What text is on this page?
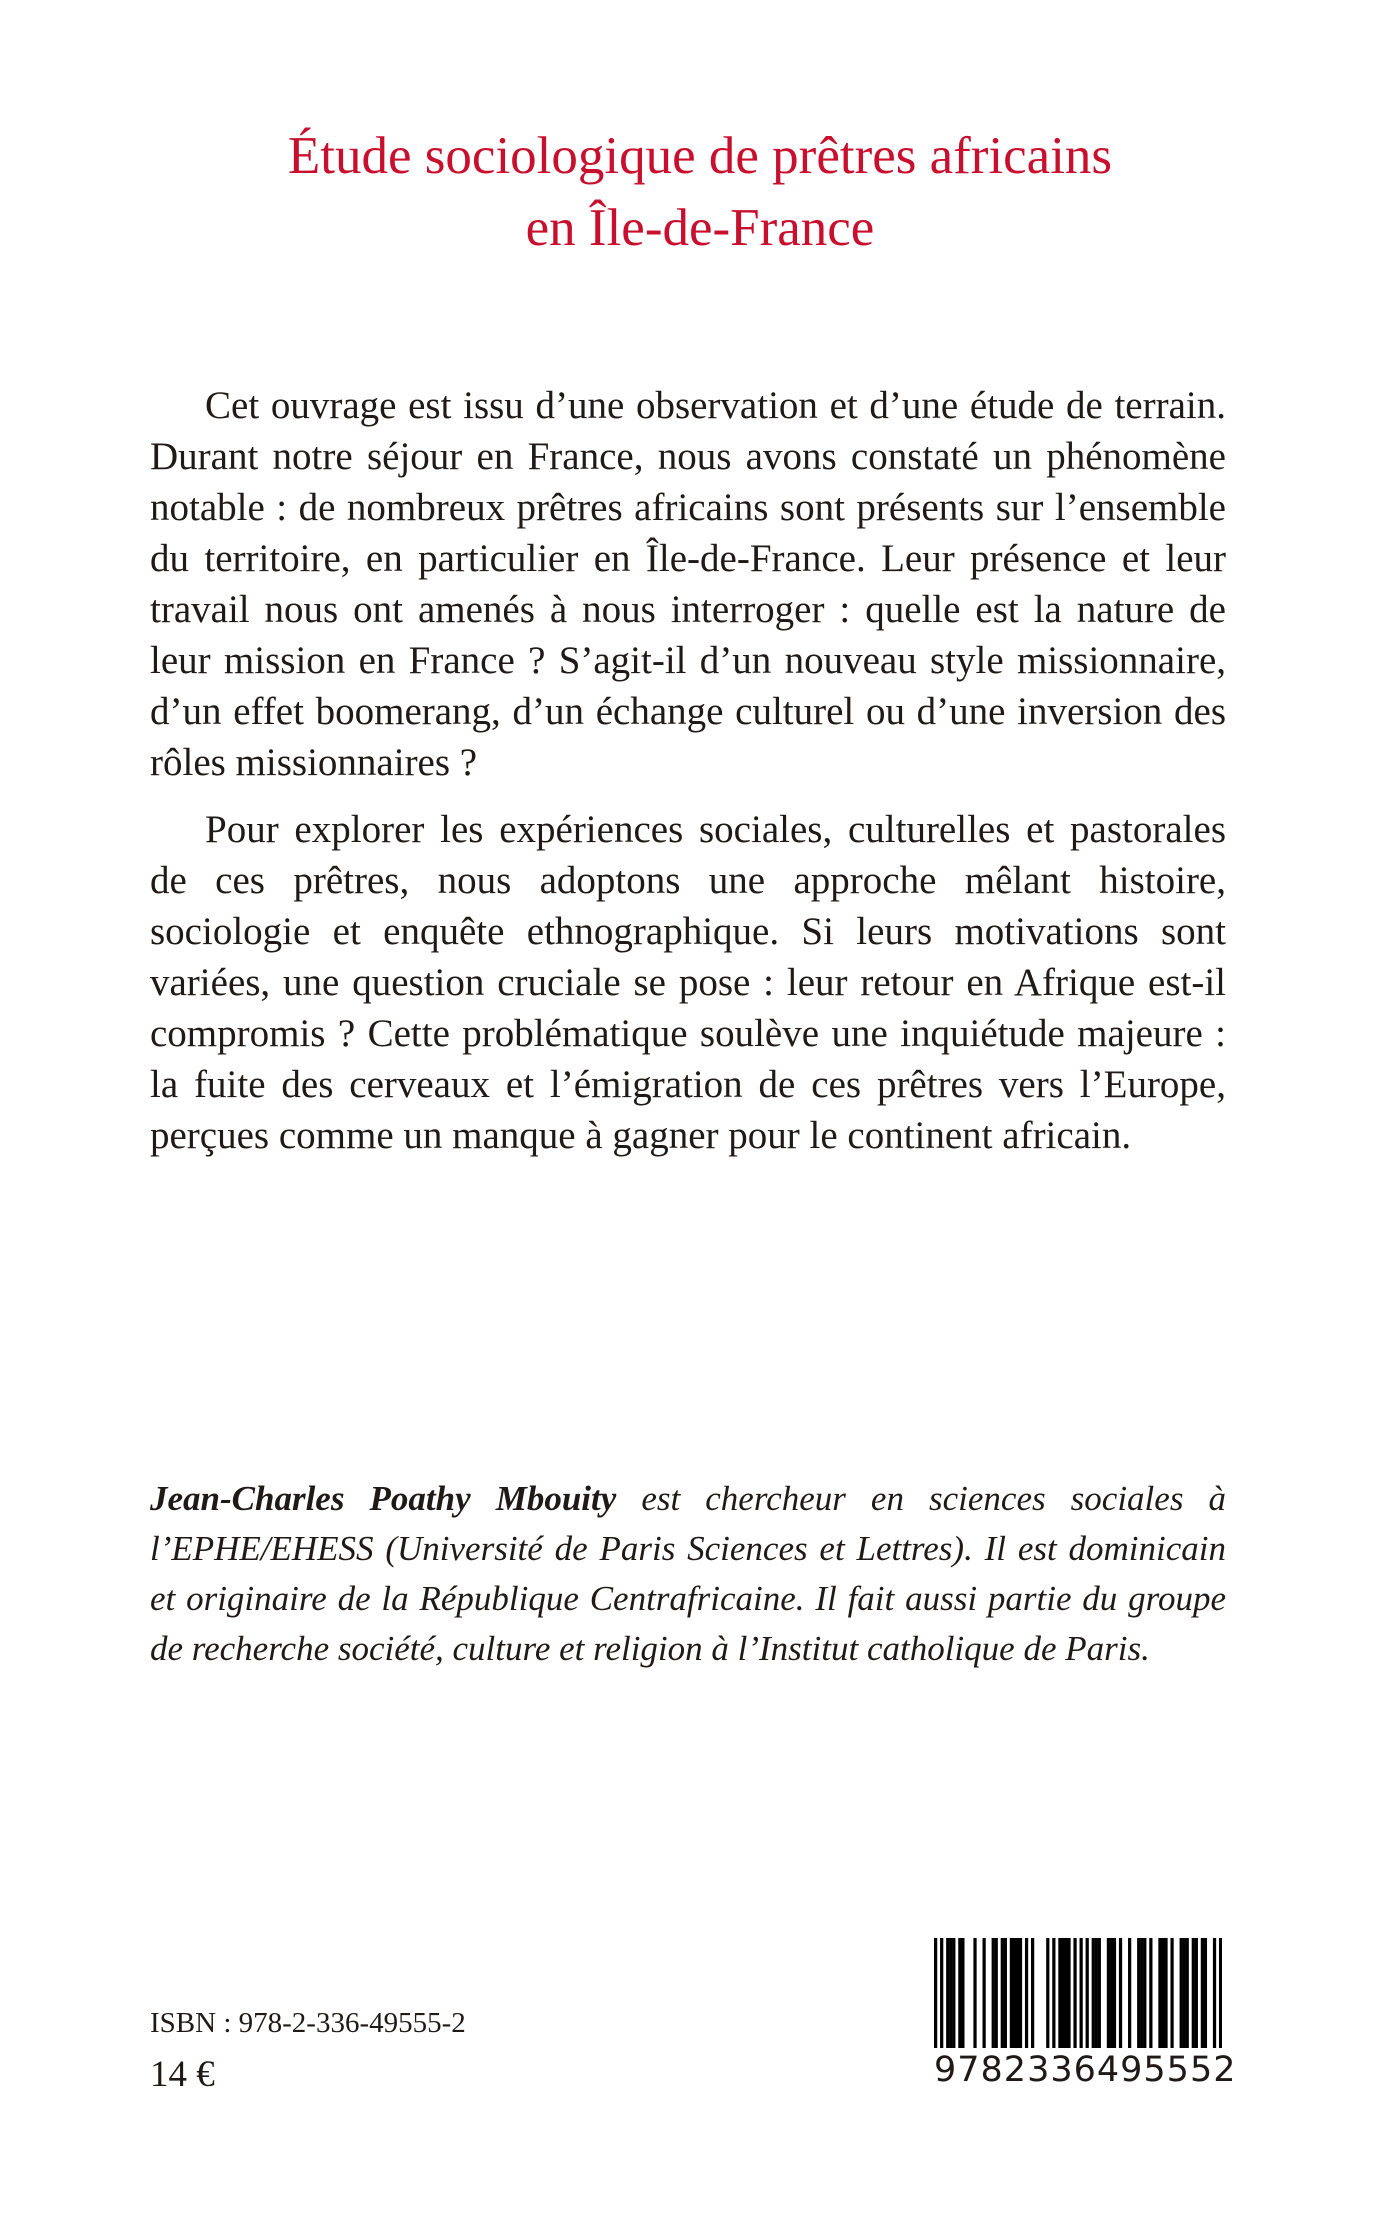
Étude sociologique de prêtres africains
en Île-de-France

Cet ouvrage est issu d’une observation et d’une étude de terrain. Durant notre séjour en France, nous avons constaté un phénomène notable : de nombreux prêtres africains sont présents sur l’ensemble du territoire, en particulier en Île-de-France. Leur présence et leur travail nous ont amenés à nous interroger : quelle est la nature de leur mission en France ? S’agit-il d’un nouveau style missionnaire, d’un effet boomerang, d’un échange culturel ou d’une inversion des rôles missionnaires ?

Pour explorer les expériences sociales, culturelles et pastorales de ces prêtres, nous adoptons une approche mêlant histoire, sociologie et enquête ethnographique. Si leurs motivations sont variées, une question cruciale se pose : leur retour en Afrique est-il compromis ? Cette problématique soulève une inquiétude majeure : la fuite des cerveaux et l’émigration de ces prêtres vers l’Europe, perçues comme un manque à gagner pour le continent africain.

Jean-Charles Poathy Mbouity est chercheur en sciences sociales à l’EPHE/EHESS (Université de Paris Sciences et Lettres). Il est dominicain et originaire de la République Centrafricaine. Il fait aussi partie du groupe de recherche société, culture et religion à l’Institut catholique de Paris.

ISBN : 978-2-336-49555-2

14 €	9782336495552
